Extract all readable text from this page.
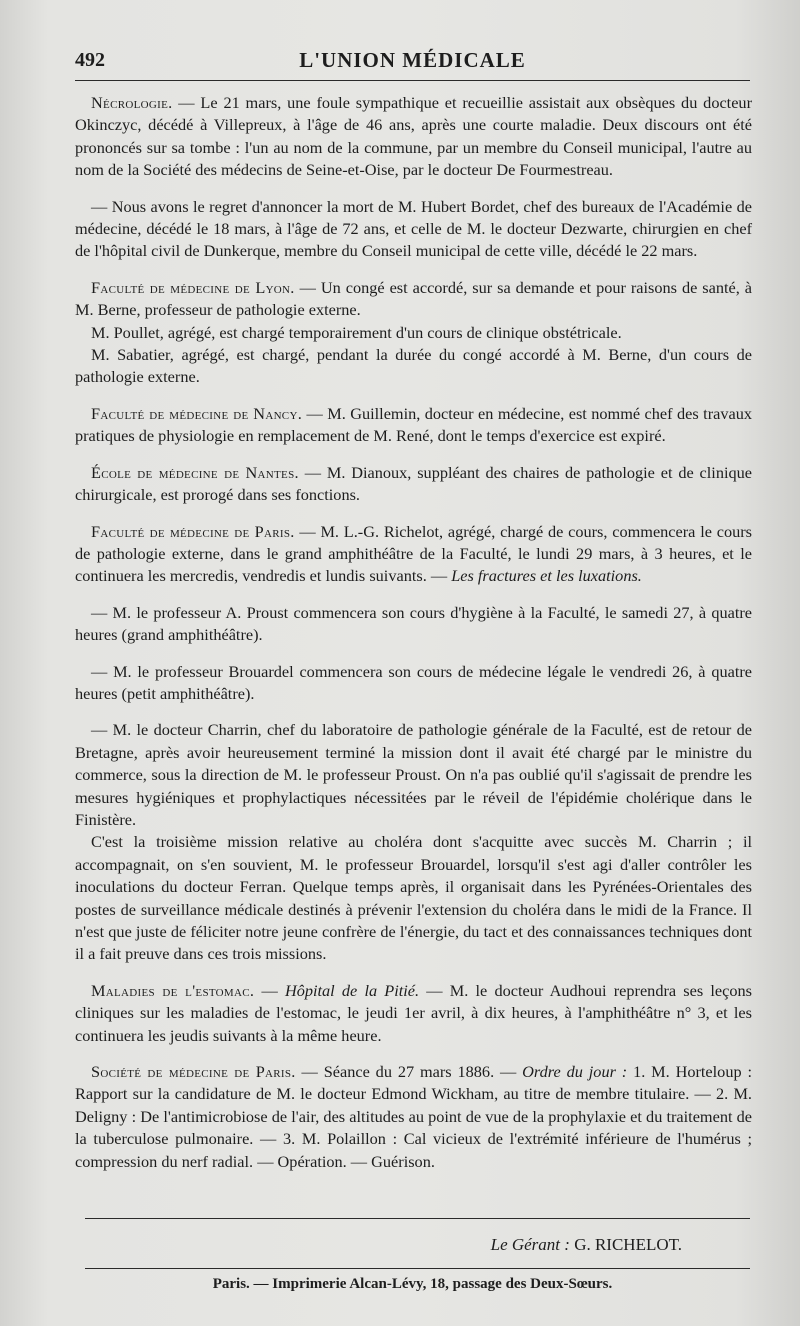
492	L'UNION MÉDICALE

Nécrologie. — Le 21 mars, une foule sympathique et recueillie assistait aux obsèques du docteur Okinczyc, décédé à Villepreux, à l'âge de 46 ans, après une courte maladie. Deux discours ont été prononcés sur sa tombe : l'un au nom de la commune, par un membre du Conseil municipal, l'autre au nom de la Société des médecins de Seine-et-Oise, par le docteur De Fourmestreau.

— Nous avons le regret d'annoncer la mort de M. Hubert Bordet, chef des bureaux de l'Académie de médecine, décédé le 18 mars, à l'âge de 72 ans, et celle de M. le docteur Dezwarte, chirurgien en chef de l'hôpital civil de Dunkerque, membre du Conseil municipal de cette ville, décédé le 22 mars.

Faculté de médecine de Lyon. — Un congé est accordé, sur sa demande et pour raisons de santé, à M. Berne, professeur de pathologie externe.

M. Poullet, agrégé, est chargé temporairement d'un cours de clinique obstétricale.

M. Sabatier, agrégé, est chargé, pendant la durée du congé accordé à M. Berne, d'un cours de pathologie externe.

Faculté de médecine de Nancy. — M. Guillemin, docteur en médecine, est nommé chef des travaux pratiques de physiologie en remplacement de M. René, dont le temps d'exercice est expiré.

École de médecine de Nantes. — M. Dianoux, suppléant des chaires de pathologie et de clinique chirurgicale, est prorogé dans ses fonctions.

Faculté de médecine de Paris. — M. L.-G. Richelot, agrégé, chargé de cours, commencera le cours de pathologie externe, dans le grand amphithéâtre de la Faculté, le lundi 29 mars, à 3 heures, et le continuera les mercredis, vendredis et lundis suivants. — Les fractures et les luxations.

— M. le professeur A. Proust commencera son cours d'hygiène à la Faculté, le samedi 27, à quatre heures (grand amphithéâtre).

— M. le professeur Brouardel commencera son cours de médecine légale le vendredi 26, à quatre heures (petit amphithéâtre).

— M. le docteur Charrin, chef du laboratoire de pathologie générale de la Faculté, est de retour de Bretagne, après avoir heureusement terminé la mission dont il avait été chargé par le ministre du commerce, sous la direction de M. le professeur Proust. On n'a pas oublié qu'il s'agissait de prendre les mesures hygiéniques et prophylactiques nécessitées par le réveil de l'épidémie cholérique dans le Finistère.

C'est la troisième mission relative au choléra dont s'acquitte avec succès M. Charrin ; il accompagnait, on s'en souvient, M. le professeur Brouardel, lorsqu'il s'est agi d'aller contrôler les inoculations du docteur Ferran. Quelque temps après, il organisait dans les Pyrénées-Orientales des postes de surveillance médicale destinés à prévenir l'extension du choléra dans le midi de la France. Il n'est que juste de féliciter notre jeune confrère de l'énergie, du tact et des connaissances techniques dont il a fait preuve dans ces trois missions.

Maladies de l'estomac. — Hôpital de la Pitié. — M. le docteur Audhoui reprendra ses leçons cliniques sur les maladies de l'estomac, le jeudi 1er avril, à dix heures, à l'amphithéâtre n° 3, et les continuera les jeudis suivants à la même heure.

Société de médecine de Paris. — Séance du 27 mars 1886. — Ordre du jour : 1. M. Horteloup : Rapport sur la candidature de M. le docteur Edmond Wickham, au titre de membre titulaire. — 2. M. Deligny : De l'antimicrobiose de l'air, des altitudes au point de vue de la prophylaxie et du traitement de la tuberculose pulmonaire. — 3. M. Polaillon : Cal vicieux de l'extrémité inférieure de l'humérus ; compression du nerf radial. — Opération. — Guérison.

Le Gérant : G. RICHELOT.
Paris. — Imprimerie Alcan-Lévy, 18, passage des Deux-Sœurs.
